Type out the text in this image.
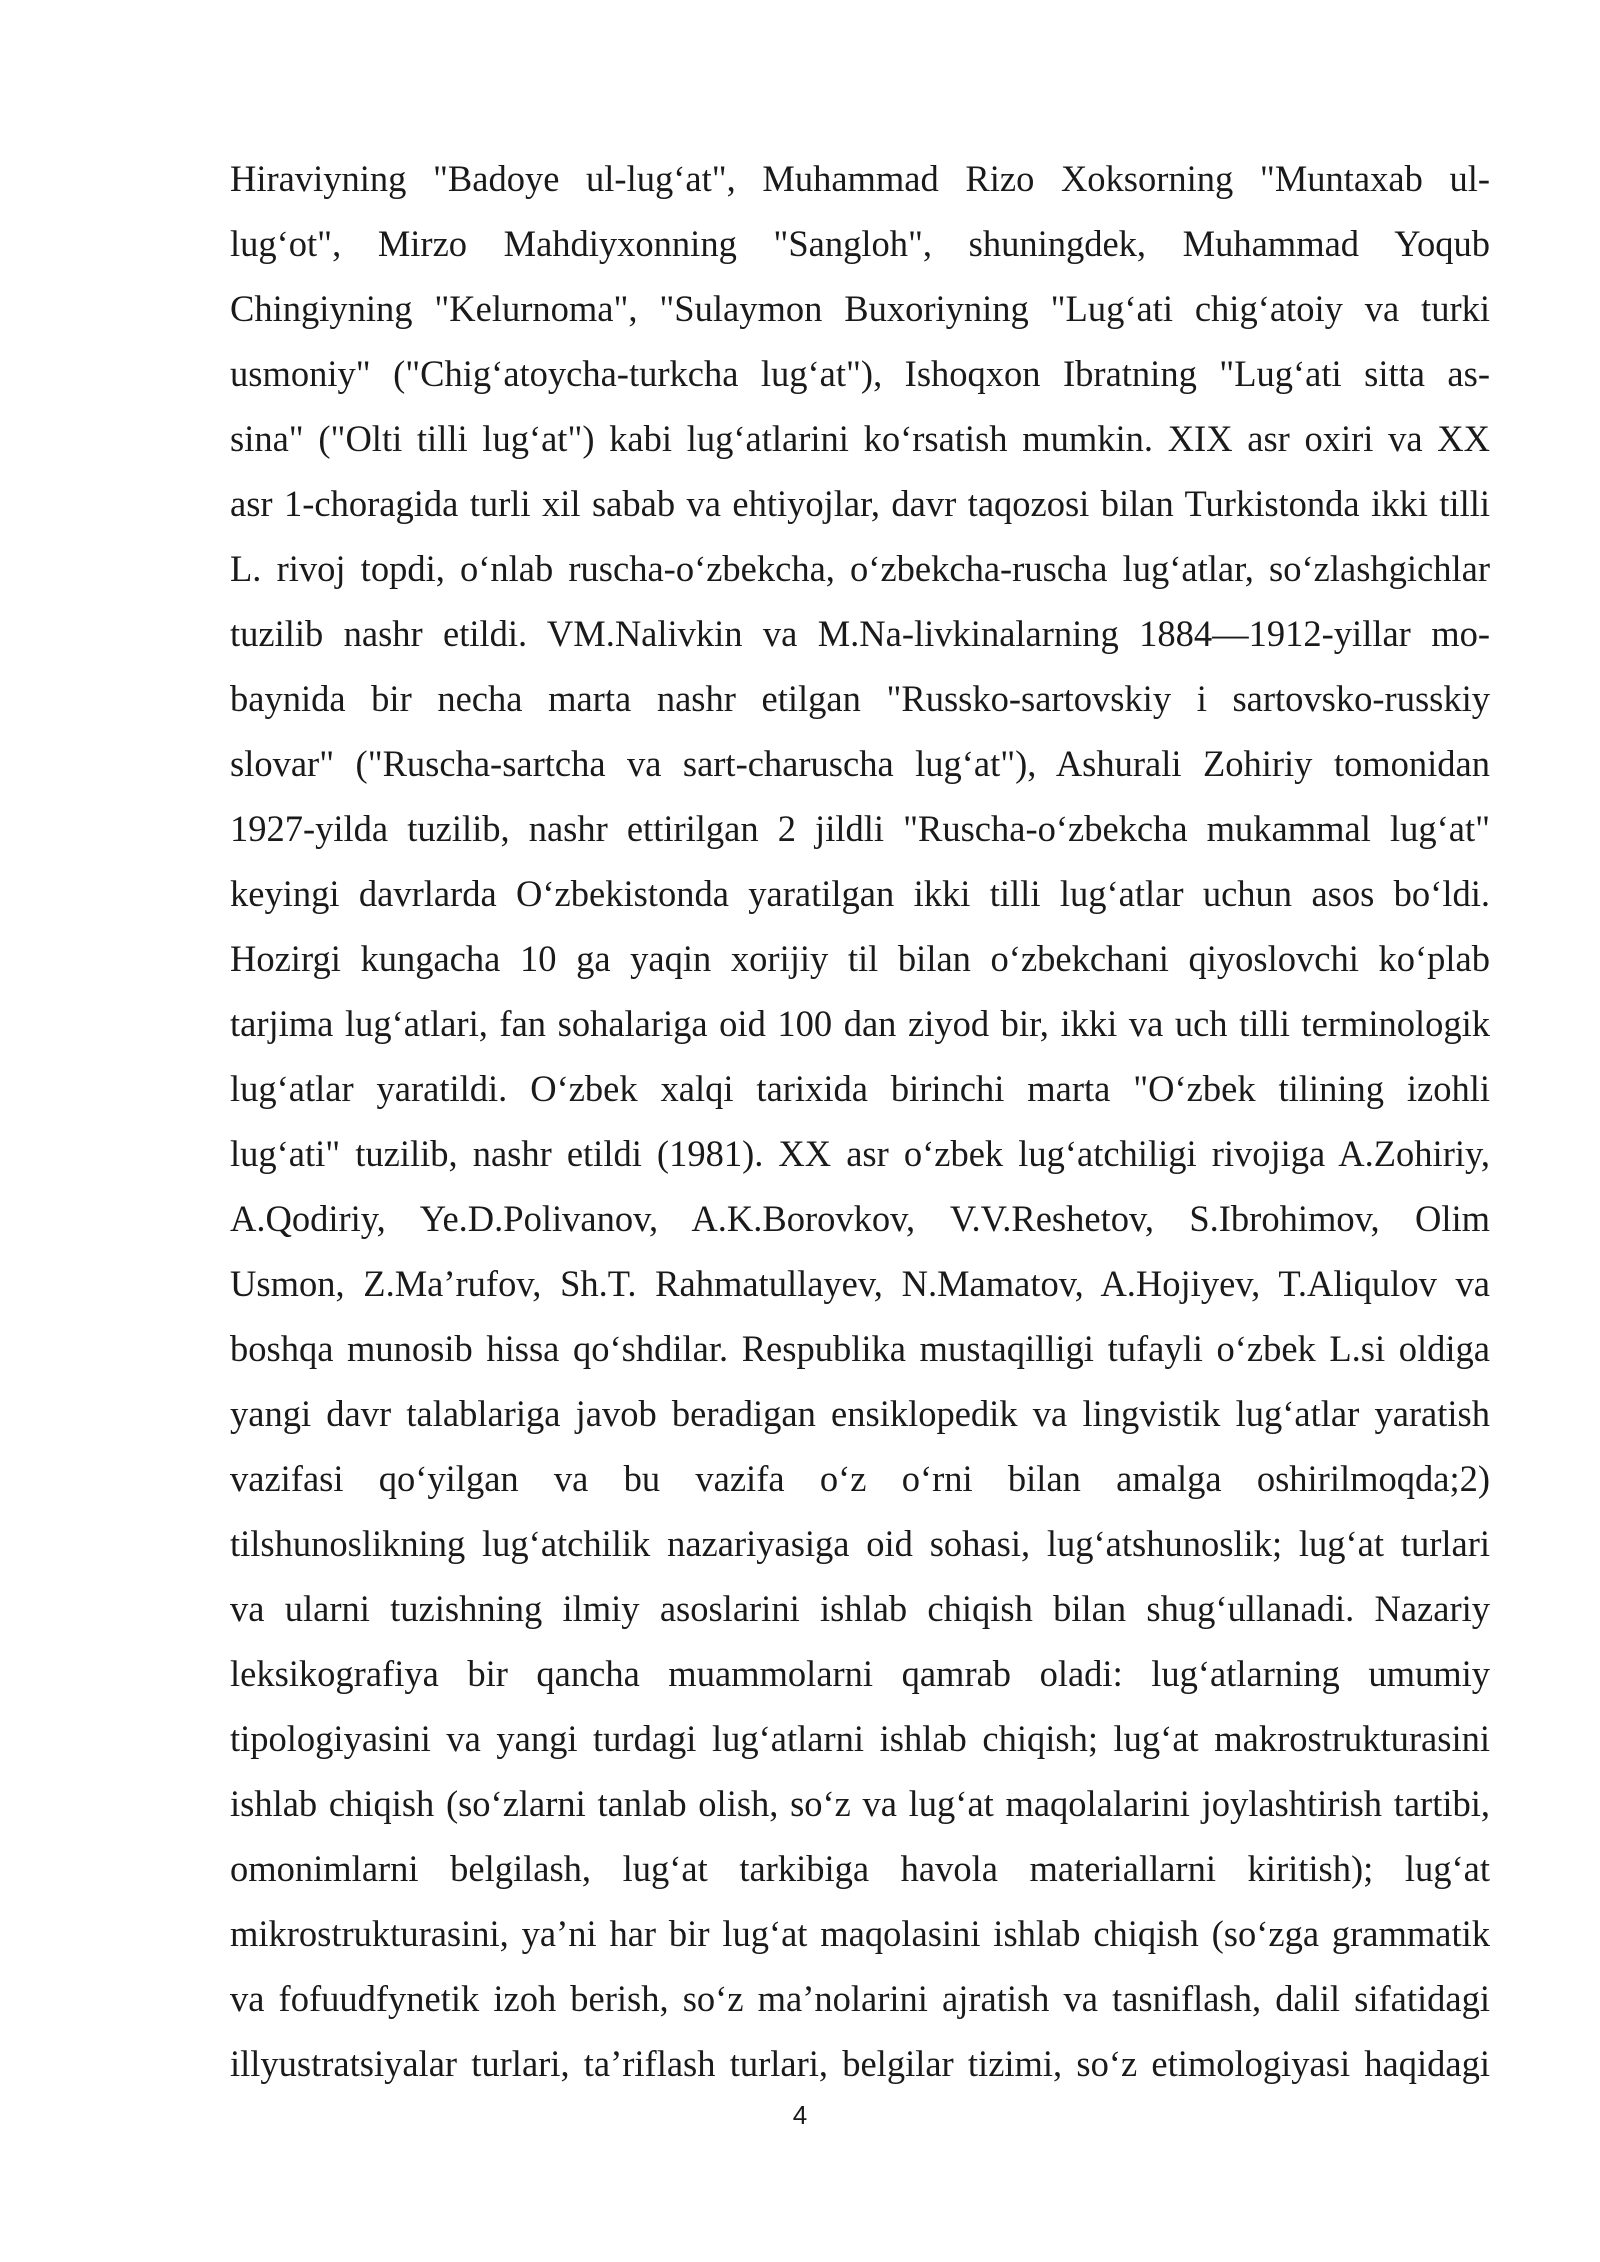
Hiraviyning "Badoye ul-lug‘at", Muhammad Rizo Xoksorning "Muntaxab ul-
lug‘ot", Mirzo Mahdiyxonning "Sangloh", shuningdek, Muhammad Yoqub
Chingiyning "Kelurnoma", "Sulaymon Buxoriyning "Lug‘ati chig‘atoiy va turki
usmoniy" ("Chig‘atoycha-turkcha lug‘at"), Ishoqxon Ibratning "Lug‘ati sitta as-
sina" ("Olti tilli lug‘at") kabi lug‘atlarini ko‘rsatish mumkin. XIX asr oxiri va XX
asr 1-choragida turli xil sabab va ehtiyojlar, davr taqozosi bilan Turkistonda ikki tilli
L. rivoj topdi, o‘nlab ruscha-o‘zbekcha, o‘zbekcha-ruscha lug‘atlar, so‘zlashgichlar
tuzilib nashr etildi. VM.Nalivkin va M.Na-livkinalarning 1884—1912-yillar mo-
baynida bir necha marta nashr etilgan "Russko-sartovskiy i sartovsko-russkiy
slovar" ("Ruscha-sartcha va sart-charuscha lug‘at"), Ashurali Zohiriy tomonidan
1927-yilda tuzilib, nashr ettirilgan 2 jildli "Ruscha-o‘zbekcha mukammal lug‘at"
keyingi davrlarda O‘zbekistonda yaratilgan ikki tilli lug‘atlar uchun asos bo‘ldi.
Hozirgi kungacha 10 ga yaqin xorijiy til bilan o‘zbekchani qiyoslovchi ko‘plab
tarjima lug‘atlari, fan sohalariga oid 100 dan ziyod bir, ikki va uch tilli terminologik
lug‘atlar yaratildi. O‘zbek xalqi tarixida birinchi marta "O‘zbek tilining izohli
lug‘ati" tuzilib, nashr etildi (1981). XX asr o‘zbek lug‘atchiligi rivojiga A.Zohiriy,
A.Qodiriy, Ye.D.Polivanov, A.K.Borovkov, V.V.Reshetov, S.Ibrohimov, Olim
Usmon, Z.Ma’rufov, Sh.T. Rahmatullayev, N.Mamatov, A.Hojiyev, T.Aliqulov va
boshqa munosib hissa qo‘shdilar. Respublika mustaqilligi tufayli o‘zbek L.si oldiga
yangi davr talablariga javob beradigan ensiklopedik va lingvistik lug‘atlar yaratish
vazifasi qo‘yilgan va bu vazifa o‘z o‘rni bilan amalga oshirilmoqda;2)
tilshunoslikning lug‘atchilik nazariyasiga oid sohasi, lug‘atshunoslik; lug‘at turlari
va ularni tuzishning ilmiy asoslarini ishlab chiqish bilan shug‘ullanadi. Nazariy
leksikografiya bir qancha muammolarni qamrab oladi: lug‘atlarning umumiy
tipologiyasini va yangi turdagi lug‘atlarni ishlab chiqish; lug‘at makrostrukturasini
ishlab chiqish (so‘zlarni tanlab olish, so‘z va lug‘at maqolalarini joylashtirish tartibi,
omonimlarni belgilash, lug‘at tarkibiga havola materiallarni kiritish); lug‘at
mikrostrukturasini, ya’ni har bir lug‘at maqolasini ishlab chiqish (so‘zga grammatik
va fofuudfynetik izoh berish, so‘z ma’nolarini ajratish va tasniflash, dalil sifatidagi
illyustratsiyalar turlari, ta’riflash turlari, belgilar tizimi, so‘z etimologiyasi haqidagi
4
